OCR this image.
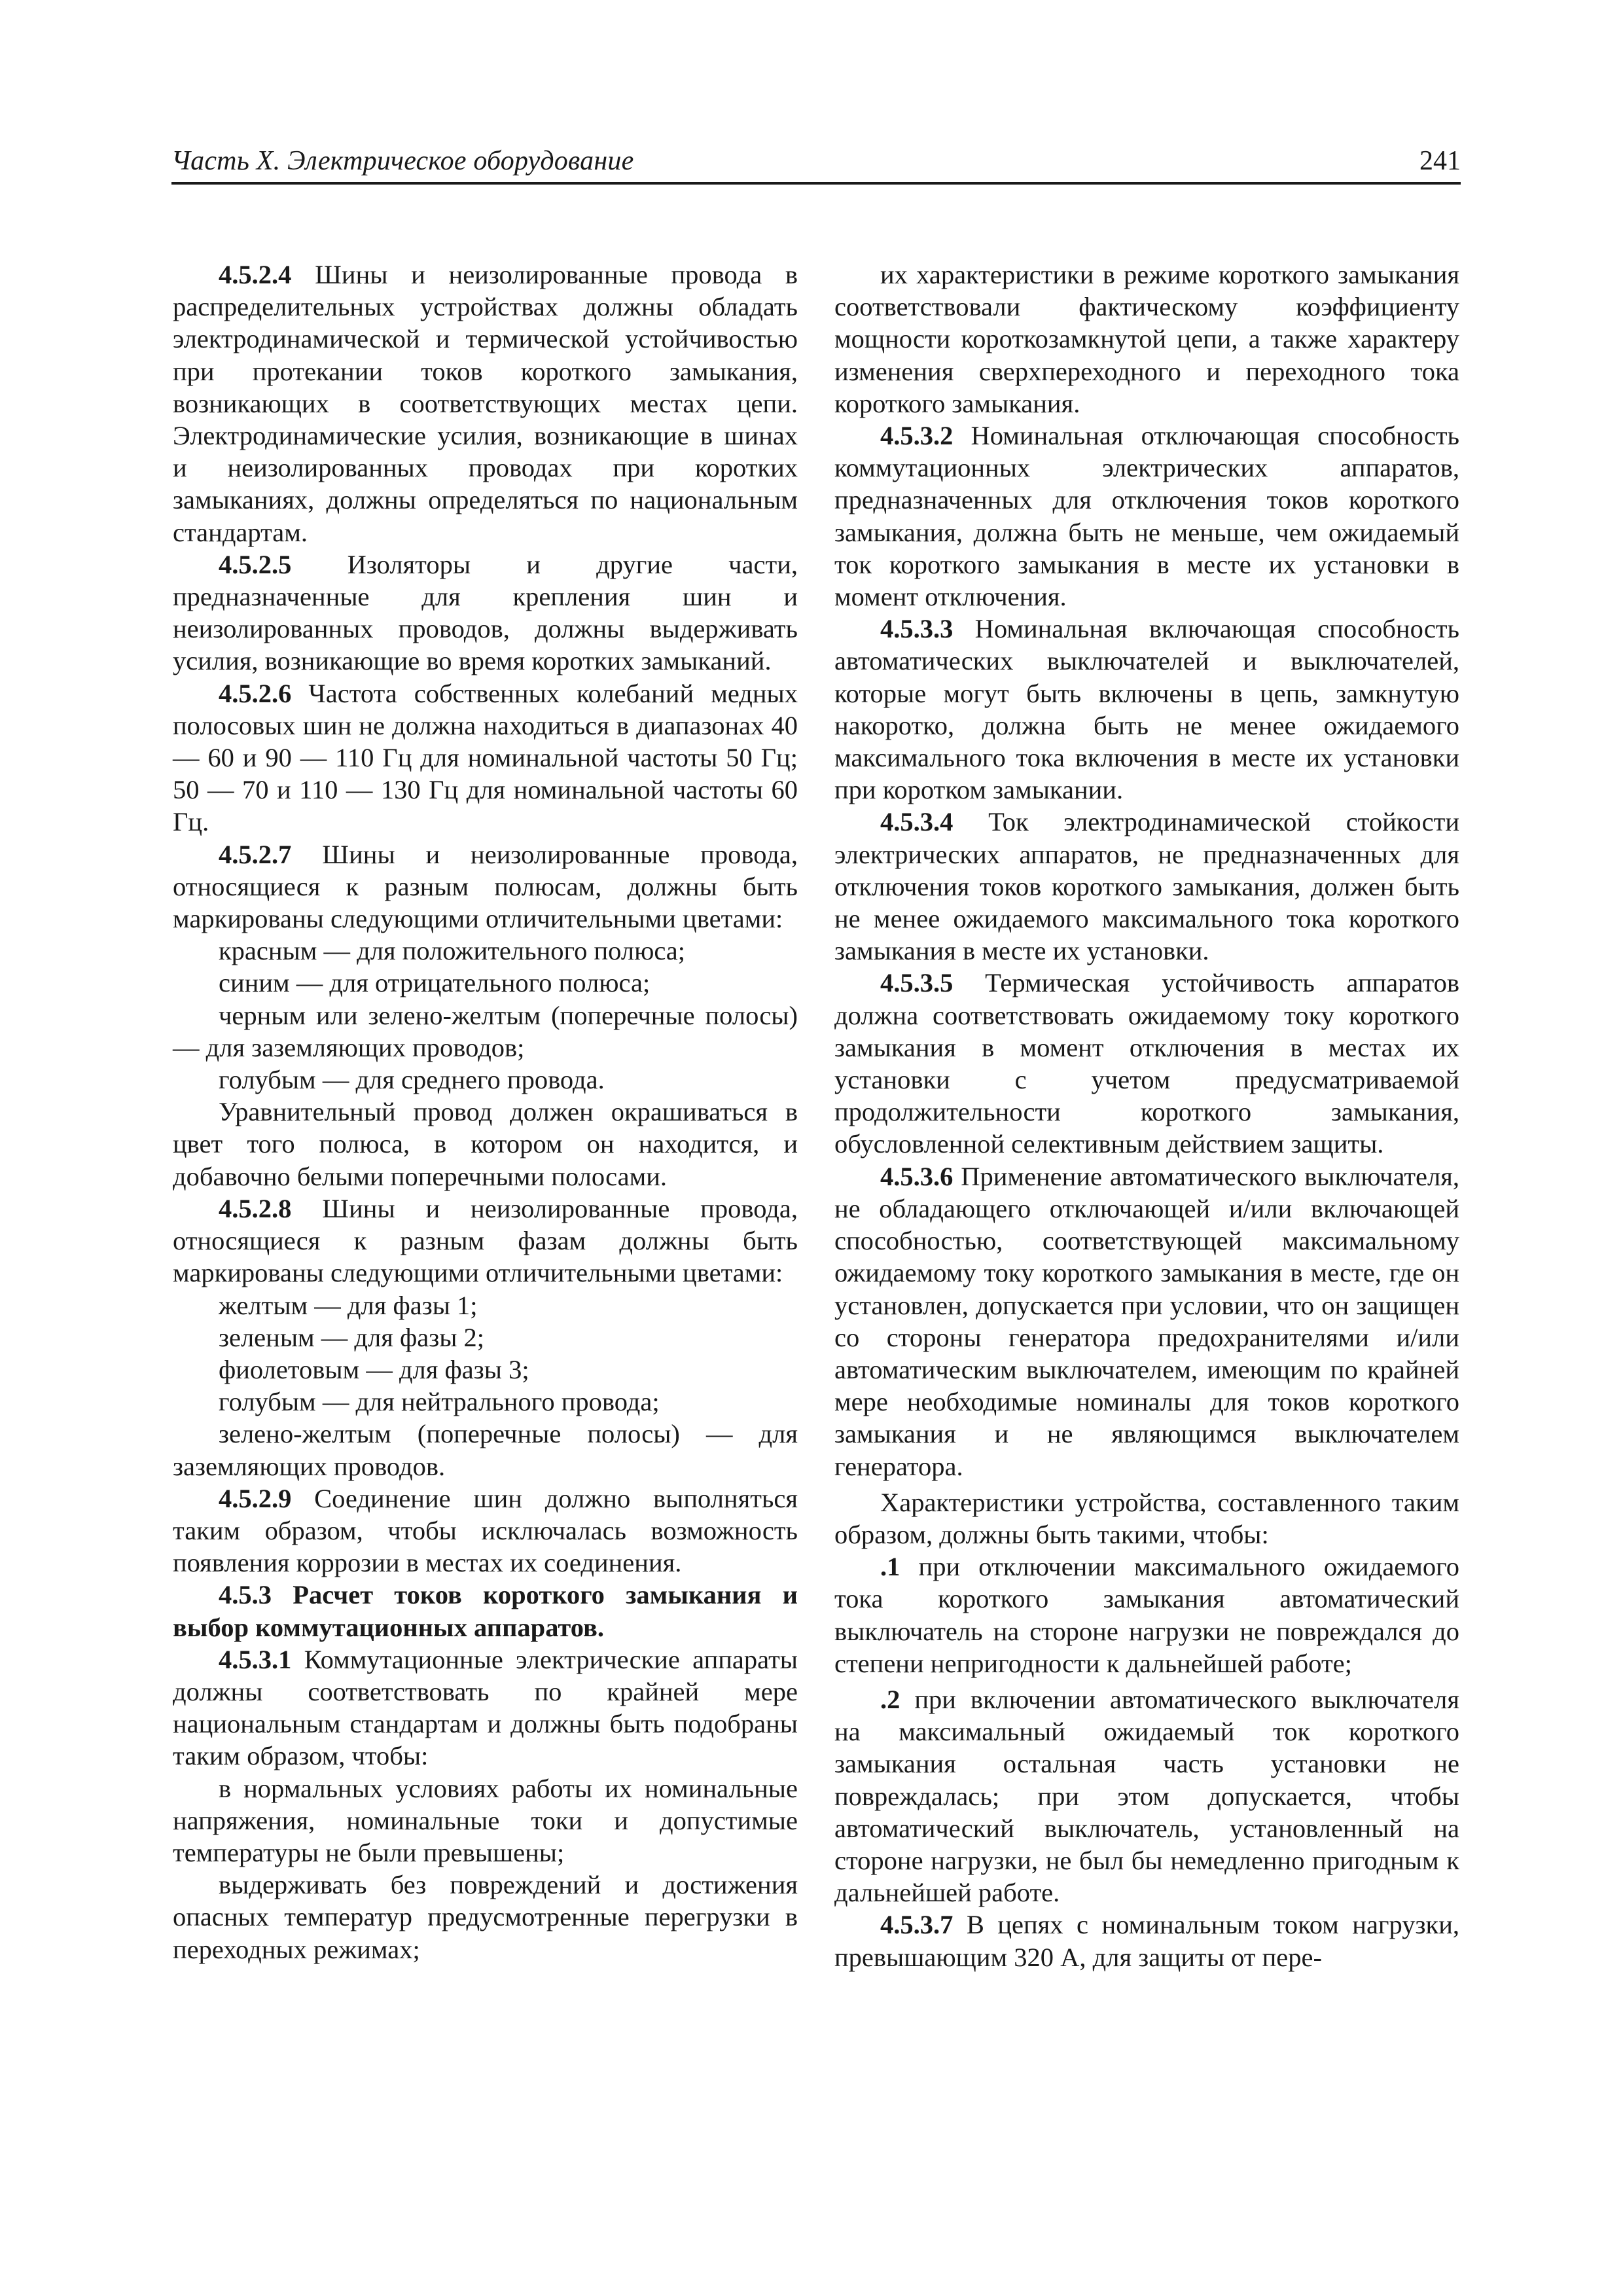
Часть X. Электрическое оборудование	241

4.5.2.4 Шины и неизолированные провода в распределительных устройствах должны обладать электродинамической и термической устойчивостью при протекании токов короткого замыкания, возникающих в соответствующих местах цепи. Электродинамические усилия, возникающие в шинах и неизолированных проводах при коротких замыканиях, должны определяться по национальным стандартам.

4.5.2.5 Изоляторы и другие части, предназначенные для крепления шин и неизолированных проводов, должны выдерживать усилия, возникающие во время коротких замыканий.

4.5.2.6 Частота собственных колебаний медных полосовых шин не должна находиться в диапазонах 40 — 60 и 90 — 110 Гц для номинальной частоты 50 Гц; 50 — 70 и 110 — 130 Гц для номинальной частоты 60 Гц.

4.5.2.7 Шины и неизолированные провода, относящиеся к разным полюсам, должны быть маркированы следующими отличительными цветами:

красным — для положительного полюса;

синим — для отрицательного полюса;

черным или зелено-желтым (поперечные полосы) — для заземляющих проводов;

голубым — для среднего провода.

Уравнительный провод должен окрашиваться в цвет того полюса, в котором он находится, и добавочно белыми поперечными полосами.

4.5.2.8 Шины и неизолированные провода, относящиеся к разным фазам должны быть маркированы следующими отличительными цветами:

желтым — для фазы 1;

зеленым — для фазы 2;

фиолетовым — для фазы 3;

голубым — для нейтрального провода;

зелено-желтым (поперечные полосы) — для заземляющих проводов.

4.5.2.9 Соединение шин должно выполняться таким образом, чтобы исключалась возможность появления коррозии в местах их соединения.

4.5.3 Расчет токов короткого замыкания и выбор коммутационных аппаратов.

4.5.3.1 Коммутационные электрические аппараты должны соответствовать по крайней мере национальным стандартам и должны быть подобраны таким образом, чтобы:

в нормальных условиях работы их номинальные напряжения, номинальные токи и допустимые температуры не были превышены;

выдерживать без повреждений и достижения опасных температур предусмотренные перегрузки в переходных режимах;

их характеристики в режиме короткого замыкания соответствовали фактическому коэффициенту мощности короткозамкнутой цепи, а также характеру изменения сверхпереходного и переходного тока короткого замыкания.

4.5.3.2 Номинальная отключающая способность коммутационных электрических аппаратов, предназначенных для отключения токов короткого замыкания, должна быть не меньше, чем ожидаемый ток короткого замыкания в месте их установки в момент отключения.

4.5.3.3 Номинальная включающая способность автоматических выключателей и выключателей, которые могут быть включены в цепь, замкнутую накоротко, должна быть не менее ожидаемого максимального тока включения в месте их установки при коротком замыкании.

4.5.3.4 Ток электродинамической стойкости электрических аппаратов, не предназначенных для отключения токов короткого замыкания, должен быть не менее ожидаемого максимального тока короткого замыкания в месте их установки.

4.5.3.5 Термическая устойчивость аппаратов должна соответствовать ожидаемому току короткого замыкания в момент отключения в местах их установки с учетом предусматриваемой продолжительности короткого замыкания, обусловленной селективным действием защиты.

4.5.3.6 Применение автоматического выключателя, не обладающего отключающей и/или включающей способностью, соответствующей максимальному ожидаемому току короткого замыкания в месте, где он установлен, допускается при условии, что он защищен со стороны генератора предохранителями и/или автоматическим выключателем, имеющим по крайней мере необходимые номиналы для токов короткого замыкания и не являющимся выключателем генератора.

Характеристики устройства, составленного таким образом, должны быть такими, чтобы:

.1 при отключении максимального ожидаемого тока короткого замыкания автоматический выключатель на стороне нагрузки не повреждался до степени непригодности к дальнейшей работе;

.2 при включении автоматического выключателя на максимальный ожидаемый ток короткого замыкания остальная часть установки не повреждалась; при этом допускается, чтобы автоматический выключатель, установленный на стороне нагрузки, не был бы немедленно пригодным к дальнейшей работе.

4.5.3.7 В цепях с номинальным током нагрузки, превышающим 320 А, для защиты от пере-
